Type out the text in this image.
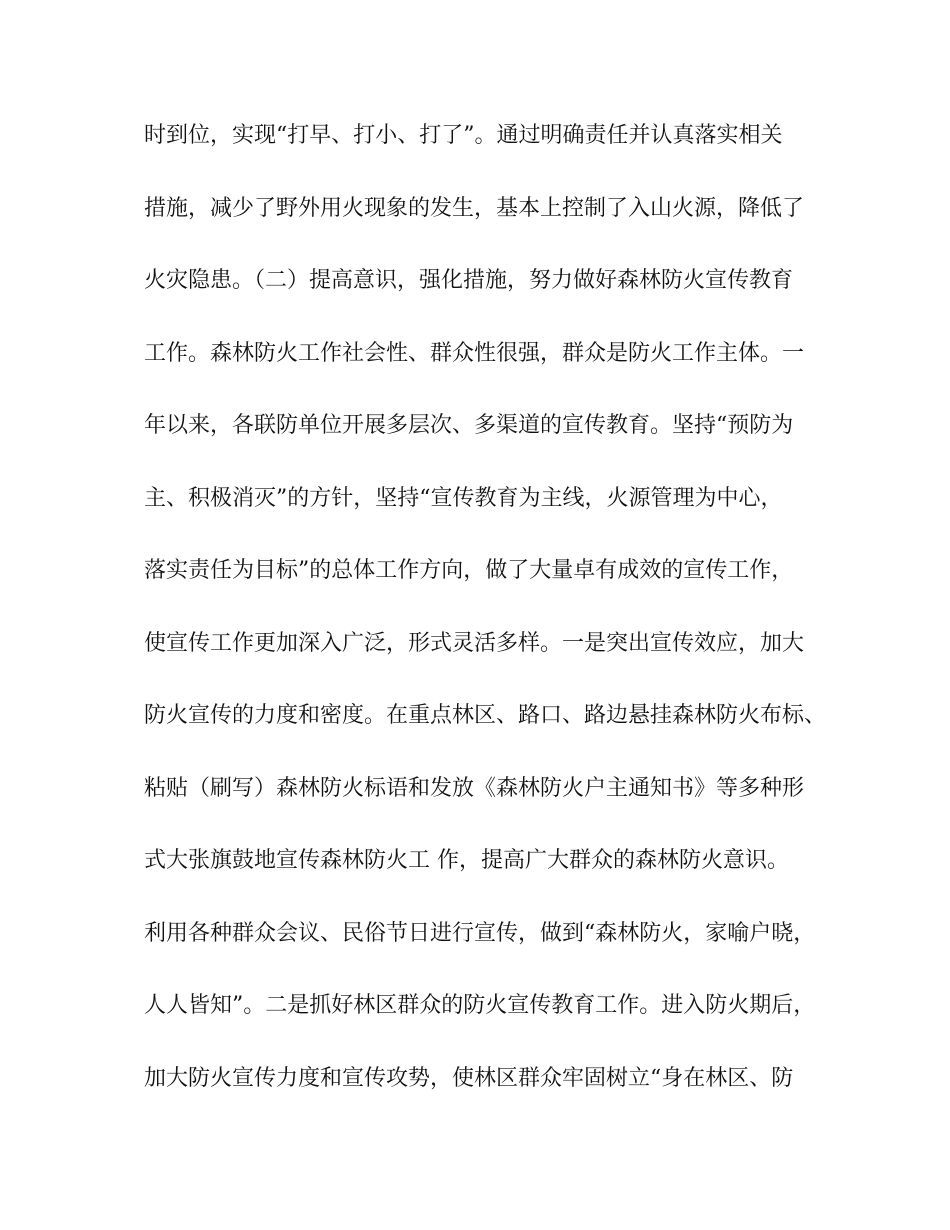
时到位，实现“打早、打小、打了”。通过明确责任并认真落实相关

措施，减少了野外用火现象的发生，基本上控制了入山火源，降低了

火灾隐患。（二）提高意识，强化措施，努力做好森林防火宣传教育

工作。森林防火工作社会性、群众性很强，群众是防火工作主体。一

年以来，各联防单位开展多层次、多渠道的宣传教育。坚持“预防为

主、积极消灭”的方针，坚持“宣传教育为主线，火源管理为中心，

落实责任为目标”的总体工作方向，做了大量卓有成效的宣传工作，

使宣传工作更加深入广泛，形式灵活多样。一是突出宣传效应，加大

防火宣传的力度和密度。在重点林区、路口、路边悬挂森林防火布标、

粘贴（刷写）森林防火标语和发放《森林防火户主通知书》等多种形

式大张旗鼓地宣传森林防火工 作，提高广大群众的森林防火意识。

利用各种群众会议、民俗节日进行宣传，做到“森林防火，家喻户晓，

人人皆知”。二是抓好林区群众的防火宣传教育工作。进入防火期后，

加大防火宣传力度和宣传攻势，使林区群众牢固树立“身在林区、防
